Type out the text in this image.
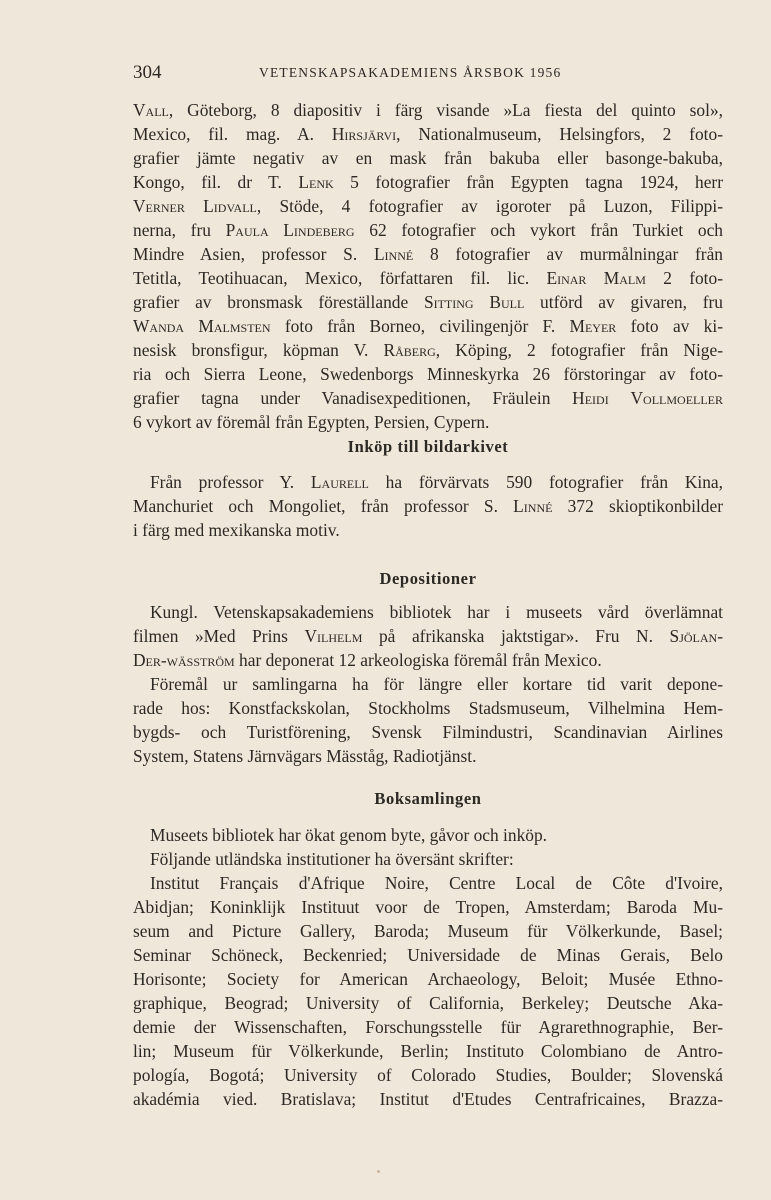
304	VETENSKAPSAKADEMIENS ÅRSBOK 1956
Vall, Göteborg, 8 diapositiv i färg visande »La fiesta del quinto sol»,
Mexico, fil. mag. A. Hirsjärvi, Nationalmuseum, Helsingfors, 2 foto-
grafier jämte negativ av en mask från bakuba eller basonge-bakuba,
Kongo, fil. dr T. Lenk 5 fotografier från Egypten tagna 1924, herr
Verner Lidvall, Stöde, 4 fotografier av igoroter på Luzon, Filippi-
nerna, fru Paula Lindeberg 62 fotografier och vykort från Turkiet och
Mindre Asien, professor S. Linné 8 fotografier av murmålningar från
Tetitla, Teotihuacan, Mexico, författaren fil. lic. Einar Malm 2 foto-
grafier av bronsmask föreställande Sitting Bull utförd av givaren, fru
Wanda Malmsten foto från Borneo, civilingenjör F. Meyer foto av ki-
nesisk bronsfigur, köpman V. Råberg, Köping, 2 fotografier från Nige-
ria och Sierra Leone, Swedenborgs Minneskyrka 26 förstoringar av foto-
grafier tagna under Vanadisexpeditionen, Fräulein Heidi Vollmoeller
6 vykort av föremål från Egypten, Persien, Cypern.
Inköp till bildarkivet
Från professor Y. Laurell ha förvärvats 590 fotografier från Kina,
Manchuriet och Mongoliet, från professor S. Linné 372 skioptikonbilder
i färg med mexikanska motiv.
Depositioner
Kungl. Vetenskapsakademiens bibliotek har i museets vård överlämnat
filmen »Med Prins Vilhelm på afrikanska jaktstigar». Fru N. Sjölan-
Der-wäsström har deponerat 12 arkeologiska föremål från Mexico.
Föremål ur samlingarna ha för längre eller kortare tid varit depone-
rade hos: Konstfackskolan, Stockholms Stadsmuseum, Vilhelmina Hem-
bygds- och Turistförening, Svensk Filmindustri, Scandinavian Airlines
System, Statens Järnvägars Mäsståg, Radiotjänst.
Boksamlingen
Museets bibliotek har ökat genom byte, gåvor och inköp.
Följande utländska institutioner ha översänt skrifter:
Institut Français d'Afrique Noire, Centre Local de Côte d'Ivoire,
Abidjan; Koninklijk Instituut voor de Tropen, Amsterdam; Baroda Mu-
seum and Picture Gallery, Baroda; Museum für Völkerkunde, Basel;
Seminar Schöneck, Beckenried; Universidade de Minas Gerais, Belo
Horisonte; Society for American Archaeology, Beloit; Musée Ethno-
graphique, Beograd; University of California, Berkeley; Deutsche Aka-
demie der Wissenschaften, Forschungsstelle für Agrarethnographie, Ber-
lin; Museum für Völkerkunde, Berlin; Instituto Colombiano de Antro-
pología, Bogotá; University of Colorado Studies, Boulder; Slovenská
akadémia vied. Bratislava; Institut d'Etudes Centrafricaines, Brazza-
